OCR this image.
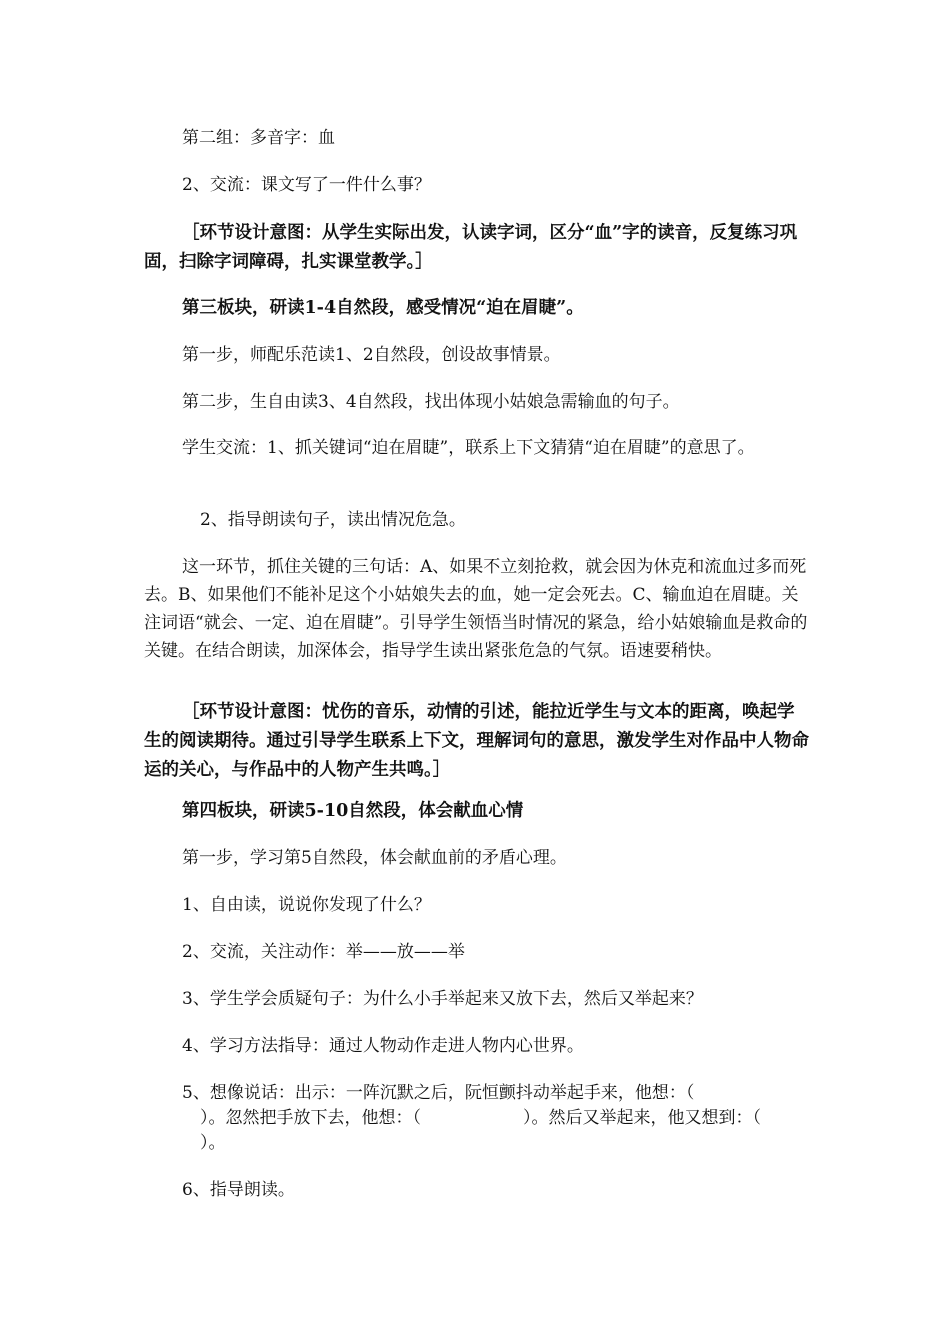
第二组：多音字：血

2、交流：课文写了一件什么事？

［环节设计意图：从学生实际出发，认读字词，区分“血”字的读音，反复练习巩固，扫除字词障碍，扎实课堂教学。］

第三板块，研读1-4自然段，感受情况“迫在眉睫”。

第一步，师配乐范读1、2自然段，创设故事情景。

第二步，生自由读3、4自然段，找出体现小姑娘急需输血的句子。

学生交流：1、抓关键词“迫在眉睫”，联系上下文猜猜“迫在眉睫”的意思了。

2、指导朗读句子，读出情况危急。

这一环节，抓住关键的三句话：A、如果不立刻抢救，就会因为休克和流血过多而死去。B、如果他们不能补足这个小姑娘失去的血，她一定会死去。C、输血迫在眉睫。关注词语“就会、一定、迫在眉睫”。引导学生领悟当时情况的紧急，给小姑娘输血是救命的关键。在结合朗读，加深体会，指导学生读出紧张危急的气氛。语速要稍快。

［环节设计意图：忧伤的音乐，动情的引述，能拉近学生与文本的距离，唤起学生的阅读期待。通过引导学生联系上下文，理解词句的意思，激发学生对作品中人物命运的关心，与作品中的人物产生共鸣。］

第四板块，研读5-10自然段，体会献血心情

第一步，学习第5自然段，体会献血前的矛盾心理。

1、自由读，说说你发现了什么？

2、交流，关注动作：举——放——举

3、学生学会质疑句子：为什么小手举起来又放下去，然后又举起来？

4、学习方法指导：通过人物动作走进人物内心世界。

5、想像说话：出示：一阵沉默之后，阮恒颤抖动举起手来，他想：（

）。忽然把手放下去，他想：（　　　　　　）。然后又举起来，他又想到：（

）。

6、指导朗读。
